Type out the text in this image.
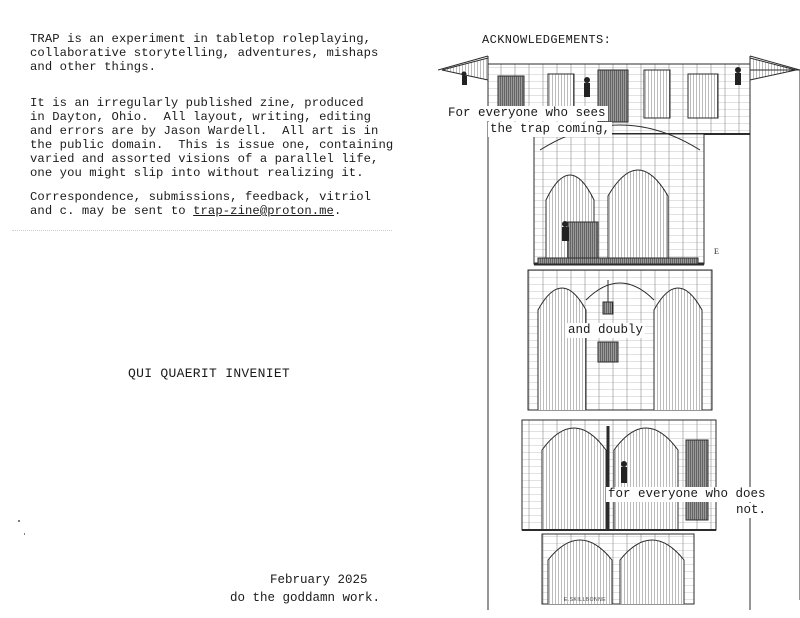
TRAP is an experiment in tabletop roleplaying,
collaborative storytelling, adventures, mishaps
and other things.
It is an irregularly published zine, produced
in Dayton, Ohio.  All layout, writing, editing
and errors are by Jason Wardell.  All art is in
the public domain.  This is issue one, containing
varied and assorted visions of a parallel life,
one you might slip into without realizing it.
Correspondence, submissions, feedback, vitriol
and c. may be sent to trap-zine@proton.me.
QUI QUAERIT INVENIET
February 2025
do the goddamn work.
ACKNOWLEDGEMENTS:
E
For everyone who sees
the trap coming,
and doubly
for everyone who does
not.
E.SKILLBONNE
